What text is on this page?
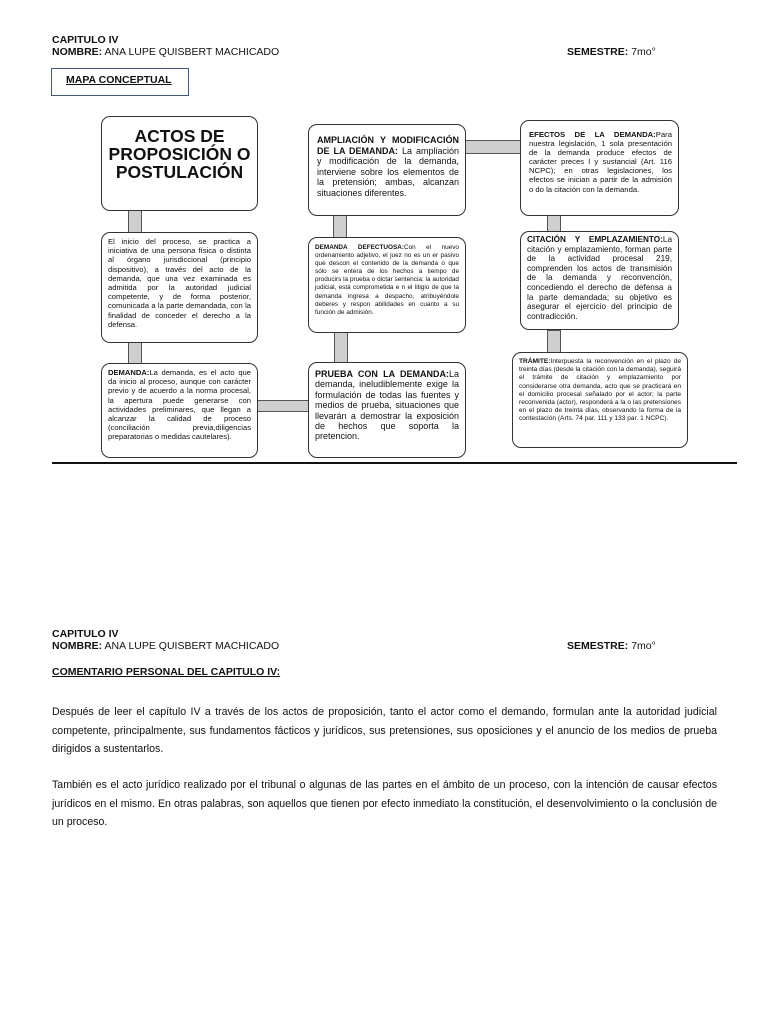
CAPITULO IV
NOMBRE: ANA LUPE QUISBERT MACHICADO	SEMESTRE: 7mo°
MAPA CONCEPTUAL
ACTOS DE PROPOSICIÓN O POSTULACIÓN
El inicio del proceso, se practica a iniciativa de una persona física o distinta al órgano jurisdiccional (principio dispositivo), a través del acto de la demanda, que una vez examinada es admitida por la autoridad judicial competente, y de forma posterior, comunicada a la parte demandada, con la finalidad de conceder el derecho a la defensa.
DEMANDA:La demanda, es el acto que da inicio al proceso, aunque con carácter previo y de acuerdo a la norma procesal, la apertura puede generarse con actividades preliminares, que llegan a alcanzar la calidad de proceso (conciliación previa,diligencias preparatorias o medidas cautelares).
AMPLIACIÓN Y MODIFICACIÓN DE LA DEMANDA: La ampliación y modificación de la demanda, interviene sobre los elementos de la pretensión; ambas, alcanzan situaciones diferentes.
DEMANDA DEFECTUOSA:Con el nuevo ordenamiento adjetivo, el juez no es un er pasivo que descon el contenido de la demanda o que sólo se entera de los hechos a tiempo de producirs la prueba o dictar sentencia; la autoridad judicial, está comprometida e n el litigio de que la demanda ingresa a despacho, atribuyéndole deberes y respon abilidades en cuanto a su función de admisión.
PRUEBA CON LA DEMANDA:La demanda, ineludiblemente exige la formulación de todas las fuentes y medios de prueba, situaciones que llevarán a demostrar la exposición de hechos que soporta la pretencion.
EFECTOS DE LA DEMANDA:Para nuestra legislación, 1 sola presentación de la demanda produce efectos de carácter preces l y sustancial (Art. 116 NCPC); en otras legislaciones, los efectos se inician a partir de la admisión o do la citación con la demanda.
CITACIÓN Y EMPLAZAMIENTO:La citación y emplazamiento, forman parte de la actividad procesal 219, comprenden los actos de transmisión de la demanda y reconvención, concediendo el derecho de defensa a la parte demandada; su objetivo es asegurar el ejercicio del principio de contradicción.
TRÁMITE:Interpuesta la reconvención en el plazo de treinta días (desde la citación con la demanda), seguirá el trámite de citación y emplazamiento por considerarse otra demanda, acto que se practicará en el domicilio procesal señalado por el actor; la parte reconvenida (actor), responderá a la o las pretensiones en el plazo de treinta días, observando la forma de la contestación (Arts. 74 par. 111 y 133 par. 1 NCPC).
CAPITULO IV
NOMBRE: ANA LUPE QUISBERT MACHICADO	SEMESTRE: 7mo°
COMENTARIO PERSONAL DEL CAPITULO IV:
Después de leer el capítulo IV a través de los actos de proposición, tanto el actor como el demando, formulan ante la autoridad judicial competente, principalmente, sus fundamentos fácticos y jurídicos, sus pretensiones, sus oposiciones y el anuncio de los medios de prueba dirigidos a sustentarlos.
También es el acto jurídico realizado por el tribunal o algunas de las partes en el ámbito de un proceso, con la intención de causar efectos jurídicos en el mismo. En otras palabras, son aquellos que tienen por efecto inmediato la constitución, el desenvolvimiento o la conclusión de un proceso.
